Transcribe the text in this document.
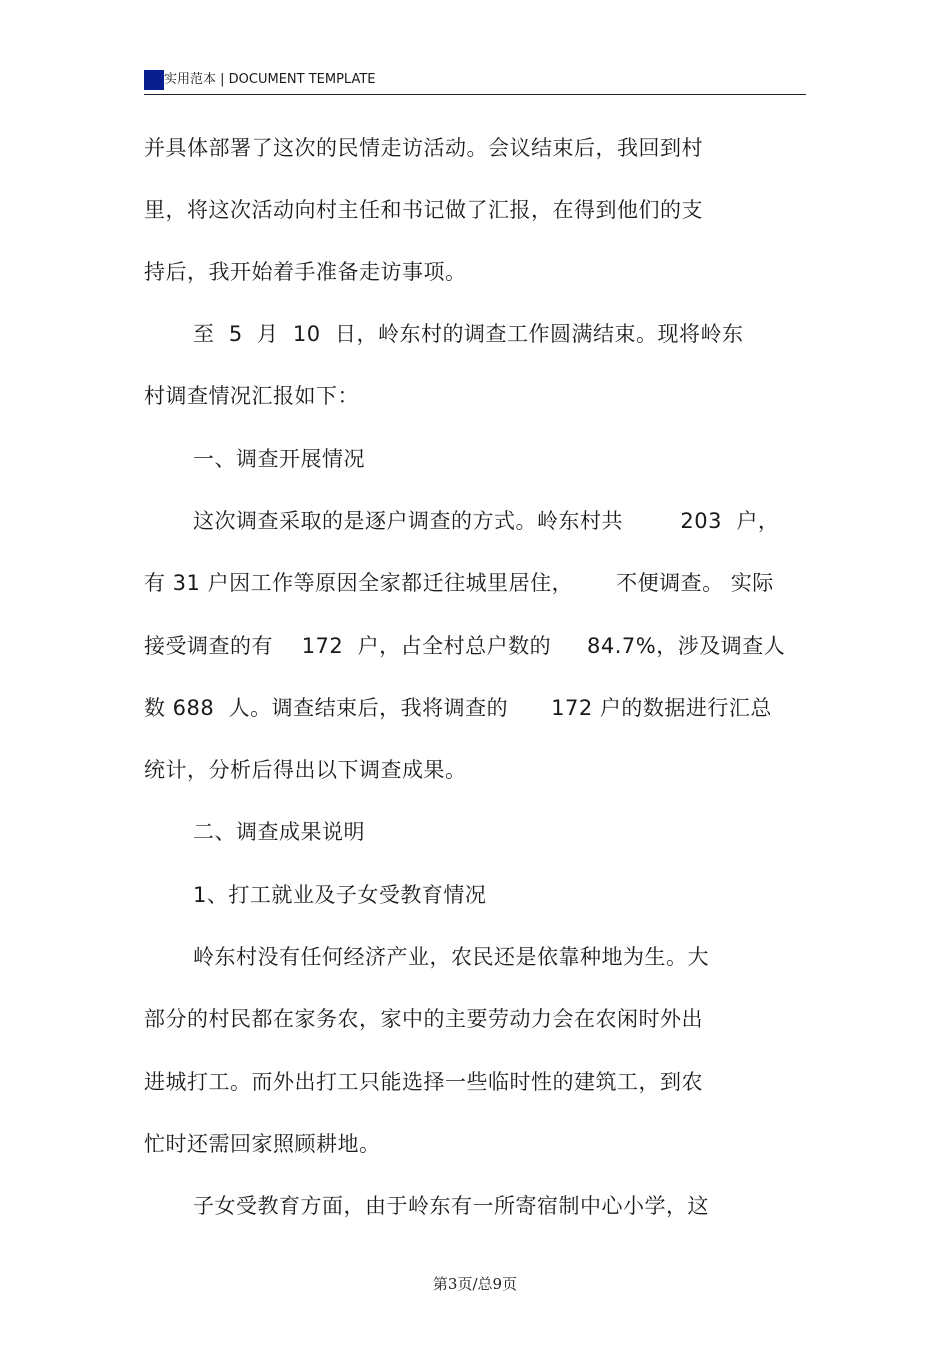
实用范本 | DOCUMENT TEMPLATE
并具体部署了这次的民情走访活动。会议结束后，我回到村
里，将这次活动向村主任和书记做了汇报，在得到他们的支
持后，我开始着手准备走访事项。
至  5  月  10  日，岭东村的调查工作圆满结束。现将岭东
村调查情况汇报如下：
一、调查开展情况
这次调查采取的是逐户调查的方式。岭东村共        203  户，
有 31 户因工作等原因全家都迁往城里居住，      不便调查。 实际
接受调查的有    172  户，占全村总户数的     84.7%，涉及调查人
数 688  人。调查结束后，我将调查的      172 户的数据进行汇总
统计，分析后得出以下调查成果。
二、调查成果说明
1、打工就业及子女受教育情况
岭东村没有任何经济产业，农民还是依靠种地为生。大
部分的村民都在家务农，家中的主要劳动力会在农闲时外出
进城打工。而外出打工只能选择一些临时性的建筑工，到农
忙时还需回家照顾耕地。
子女受教育方面，由于岭东有一所寄宿制中心小学，这
第3页/总9页
